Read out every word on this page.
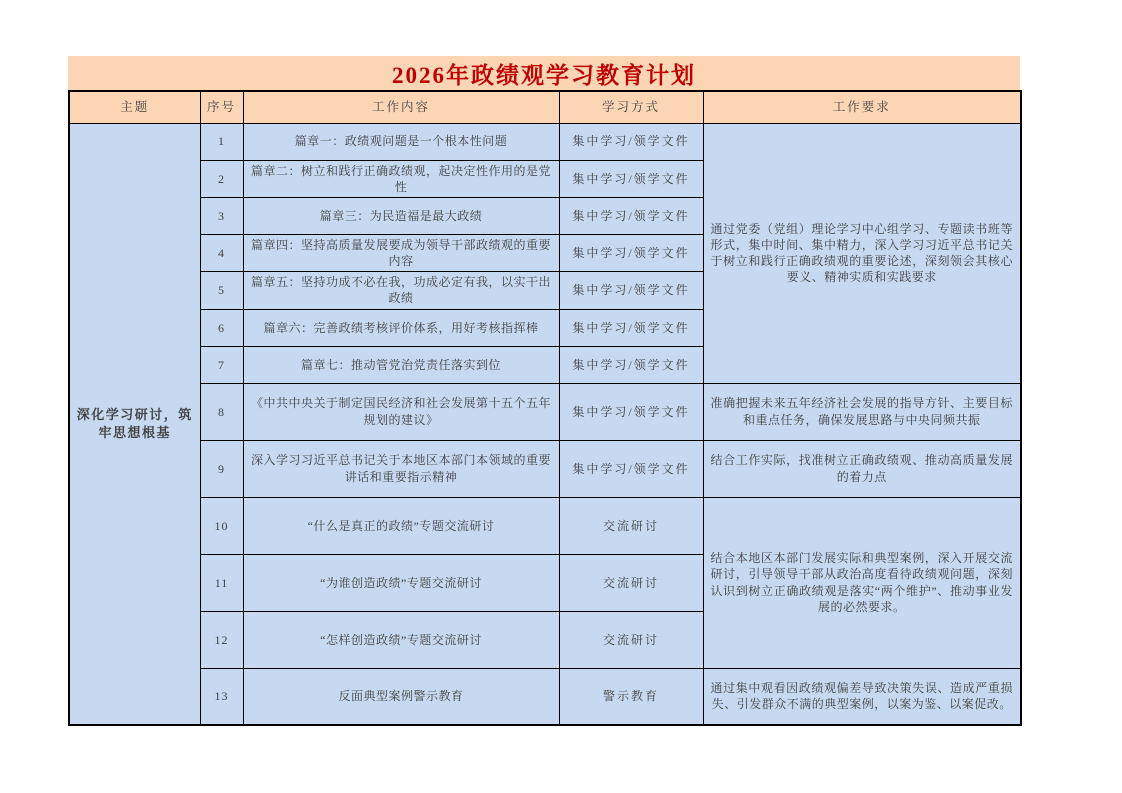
2026年政绩观学习教育计划
主题	序号	工作内容	学习方式	工作要求
深化学习研讨，筑牢思想根基	1	篇章一：政绩观问题是一个根本性问题	集中学习/领学文件	通过党委（党组）理论学习中心组学习、专题读书班等形式，集中时间、集中精力，深入学习习近平总书记关于树立和践行正确政绩观的重要论述，深刻领会其核心要义、精神实质和实践要求
	2	篇章二：树立和践行正确政绩观，起决定性作用的是党性	集中学习/领学文件	
	3	篇章三：为民造福是最大政绩	集中学习/领学文件	
	4	篇章四：坚持高质量发展要成为领导干部政绩观的重要内容	集中学习/领学文件	
	5	篇章五：坚持功成不必在我，功成必定有我，以实干出政绩	集中学习/领学文件	
	6	篇章六：完善政绩考核评价体系，用好考核指挥棒	集中学习/领学文件	
	7	篇章七：推动管党治党责任落实到位	集中学习/领学文件	
	8	《中共中央关于制定国民经济和社会发展第十五个五年规划的建议》	集中学习/领学文件	准确把握未来五年经济社会发展的指导方针、主要目标和重点任务，确保发展思路与中央同频共振
	9	深入学习习近平总书记关于本地区本部门本领域的重要讲话和重要指示精神	集中学习/领学文件	结合工作实际，找准树立正确政绩观、推动高质量发展的着力点
	10	“什么是真正的政绩”专题交流研讨	交流研讨	结合本地区本部门发展实际和典型案例，深入开展交流研讨，引导领导干部从政治高度看待政绩观问题，深刻认识到树立正确政绩观是落实“两个维护”、推动事业发展的必然要求。
	11	“为谁创造政绩”专题交流研讨	交流研讨	
	12	“怎样创造政绩”专题交流研讨	交流研讨	
	13	反面典型案例警示教育	警示教育	通过集中观看因政绩观偏差导致决策失误、造成严重损失、引发群众不满的典型案例，以案为鉴、以案促改。
